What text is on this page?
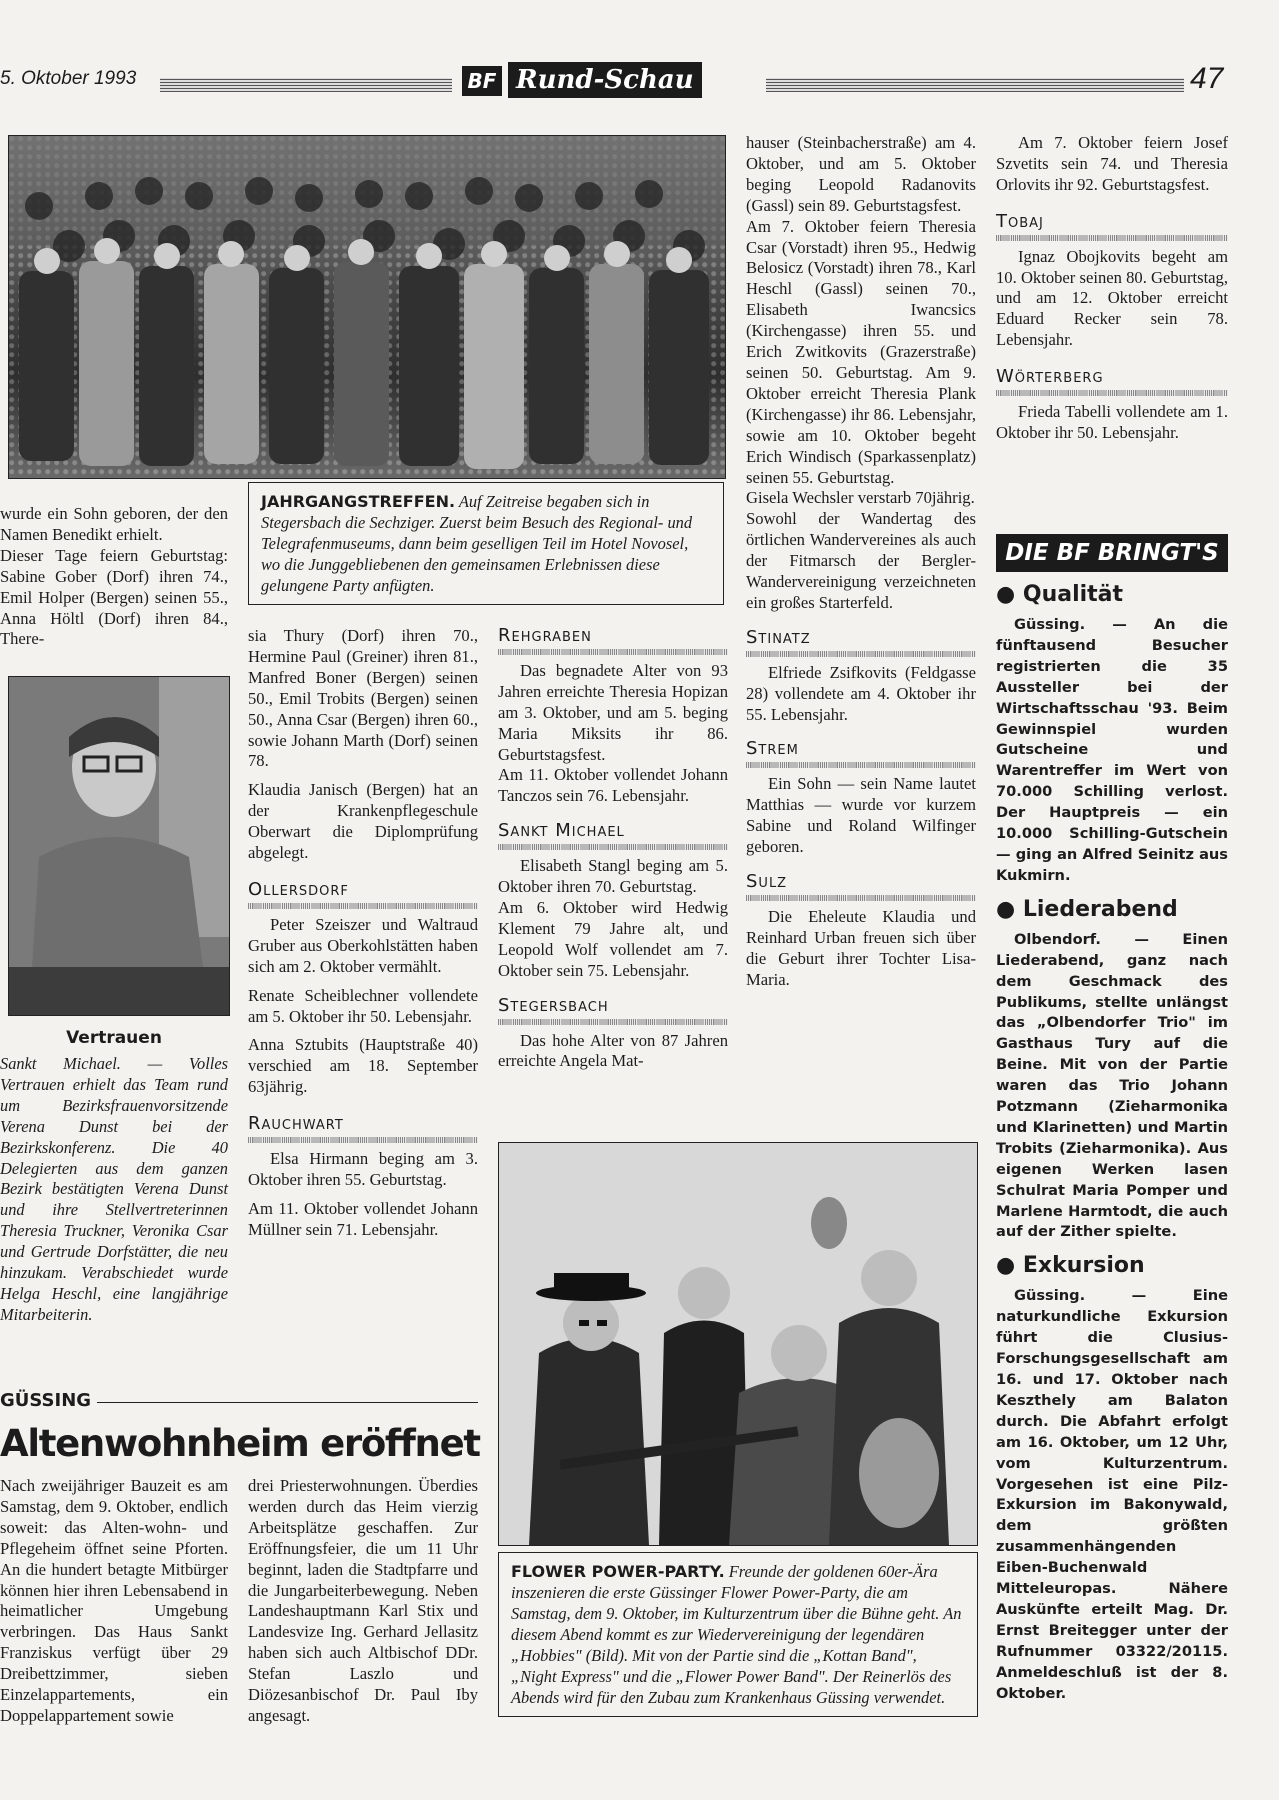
5. Oktober 1993	BF Rund-Schau	47
JAHRGANGSTREFFEN. Auf Zeitreise begaben sich in Stegersbach die Sechziger. Zuerst beim Besuch des Regional- und Telegrafenmuseums, dann beim geselligen Teil im Hotel Novosel, wo die Junggebliebenen den gemeinsamen Erlebnissen diese gelungene Party anfügten.

wurde ein Sohn geboren, der den Namen Benedikt erhielt.

Dieser Tage feiern Geburtstag: Sabine Gober (Dorf) ihren 74., Emil Holper (Bergen) seinen 55., Anna Höltl (Dorf) ihren 84., There-

Vertrauen
Sankt Michael. — Volles Vertrauen erhielt das Team rund um Bezirksfrauenvorsitzende Verena Dunst bei der Bezirkskonferenz. Die 40 Delegierten aus dem ganzen Bezirk bestätigten Verena Dunst und ihre Stellvertreterinnen Theresia Truckner, Veronika Csar und Gertrude Dorfstätter, die neu hinzukam. Verabschiedet wurde Helga Heschl, eine langjährige Mitarbeiterin.

sia Thury (Dorf) ihren 70., Hermine Paul (Greiner) ihren 81., Manfred Boner (Bergen) seinen 50., Emil Trobits (Bergen) seinen 50., Anna Csar (Bergen) ihren 60., sowie Johann Marth (Dorf) seinen 78.

Klaudia Janisch (Bergen) hat an der Krankenpflegeschule Oberwart die Diplomprüfung abgelegt.

Ollersdorf

Peter Szeiszer und Waltraud Gruber aus Oberkohlstätten haben sich am 2. Oktober vermählt.

Renate Scheiblechner vollendete am 5. Oktober ihr 50. Lebensjahr.

Anna Sztubits (Hauptstraße 40) verschied am 18. September 63jährig.

Rauchwart

Elsa Hirmann beging am 3. Oktober ihren 55. Geburtstag.

Am 11. Oktober vollendet Johann Müllner sein 71. Lebensjahr.

Rehgraben

Das begnadete Alter von 93 Jahren erreichte Theresia Hopizan am 3. Oktober, und am 5. beging Maria Miksits ihr 86. Geburtstagsfest.

Am 11. Oktober vollendet Johann Tanczos sein 76. Lebensjahr.

Sankt Michael

Elisabeth Stangl beging am 5. Oktober ihren 70. Geburtstag.

Am 6. Oktober wird Hedwig Klement 79 Jahre alt, und Leopold Wolf vollendet am 7. Oktober sein 75. Lebensjahr.

Stegersbach

Das hohe Alter von 87 Jahren erreichte Angela Mat-

hauser (Steinbacherstraße) am 4. Oktober, und am 5. Oktober beging Leopold Radanovits (Gassl) sein 89. Geburtstagsfest.

Am 7. Oktober feiern Theresia Csar (Vorstadt) ihren 95., Hedwig Belosicz (Vorstadt) ihren 78., Karl Heschl (Gassl) seinen 70., Elisabeth Iwancsics (Kirchengasse) ihren 55. und Erich Zwitkovits (Grazerstraße) seinen 50. Geburtstag. Am 9. Oktober erreicht Theresia Plank (Kirchengasse) ihr 86. Lebensjahr, sowie am 10. Oktober begeht Erich Windisch (Sparkassenplatz) seinen 55. Geburtstag.

Gisela Wechsler verstarb 70jährig.

Sowohl der Wandertag des örtlichen Wandervereines als auch der Fitmarsch der Bergler-Wandervereinigung verzeichneten ein großes Starterfeld.

Stinatz

Elfriede Zsifkovits (Feldgasse 28) vollendete am 4. Oktober ihr 55. Lebensjahr.

Strem

Ein Sohn — sein Name lautet Matthias — wurde vor kurzem Sabine und Roland Wilfinger geboren.

Sulz

Die Eheleute Klaudia und Reinhard Urban freuen sich über die Geburt ihrer Tochter Lisa-Maria.

Am 7. Oktober feiern Josef Szvetits sein 74. und Theresia Orlovits ihr 92. Geburtstagsfest.

Tobaj

Ignaz Obojkovits begeht am 10. Oktober seinen 80. Geburtstag, und am 12. Oktober erreicht Eduard Recker sein 78. Lebensjahr.

Wörterberg

Frieda Tabelli vollendete am 1. Oktober ihr 50. Lebensjahr.

DIE BF BRINGT'S
● Qualität
Güssing. — An die fünftausend Besucher registrierten die 35 Aussteller bei der Wirtschaftsschau '93. Beim Gewinnspiel wurden Gutscheine und Warentreffer im Wert von 70.000 Schilling verlost. Der Hauptpreis — ein 10.000 Schilling-Gutschein — ging an Alfred Seinitz aus Kukmirn.
● Liederabend
Olbendorf. — Einen Liederabend, ganz nach dem Geschmack des Publikums, stellte unlängst das „Olbendorfer Trio" im Gasthaus Tury auf die Beine. Mit von der Partie waren das Trio Johann Potzmann (Zieharmonika und Klarinetten) und Martin Trobits (Zieharmonika). Aus eigenen Werken lasen Schulrat Maria Pomper und Marlene Harmtodt, die auch auf der Zither spielte.
● Exkursion
Güssing. — Eine naturkundliche Exkursion führt die Clusius-Forschungsgesellschaft am 16. und 17. Oktober nach Keszthely am Balaton durch. Die Abfahrt erfolgt am 16. Oktober, um 12 Uhr, vom Kulturzentrum. Vorgesehen ist eine Pilz-Exkursion im Bakonywald, dem größten zusammenhängenden Eiben-Buchenwald Mitteleuropas. Nähere Auskünfte erteilt Mag. Dr. Ernst Breitegger unter der Rufnummer 03322/20115. Anmeldeschluß ist der 8. Oktober.
FLOWER POWER-PARTY. Freunde der goldenen 60er-Ära inszenieren die erste Güssinger Flower Power-Party, die am Samstag, dem 9. Oktober, im Kulturzentrum über die Bühne geht. An diesem Abend kommt es zur Wiedervereinigung der legendären „Hobbies" (Bild). Mit von der Partie sind die „Kottan Band", „Night Express" und die „Flower Power Band". Der Reinerlös des Abends wird für den Zubau zum Krankenhaus Güssing verwendet.
GÜSSING
Altenwohnheim eröffnet
Nach zweijähriger Bauzeit es am Samstag, dem 9. Oktober, endlich soweit: das Alten-wohn- und Pflegeheim öffnet seine Pforten. An die hundert betagte Mitbürger können hier ihren Lebensabend in heimatlicher Umgebung verbringen. Das Haus Sankt Franziskus verfügt über 29 Dreibettzimmer, sieben Einzelappartements, ein Doppelappartement sowie
drei Priesterwohnungen. Überdies werden durch das Heim vierzig Arbeitsplätze geschaffen. Zur Eröffnungsfeier, die um 11 Uhr beginnt, laden die Stadtpfarre und die Jungarbeiterbewegung. Neben Landeshauptmann Karl Stix und Landesvize Ing. Gerhard Jellasitz haben sich auch Altbischof DDr. Stefan Laszlo und Diözesanbischof Dr. Paul Iby angesagt.
